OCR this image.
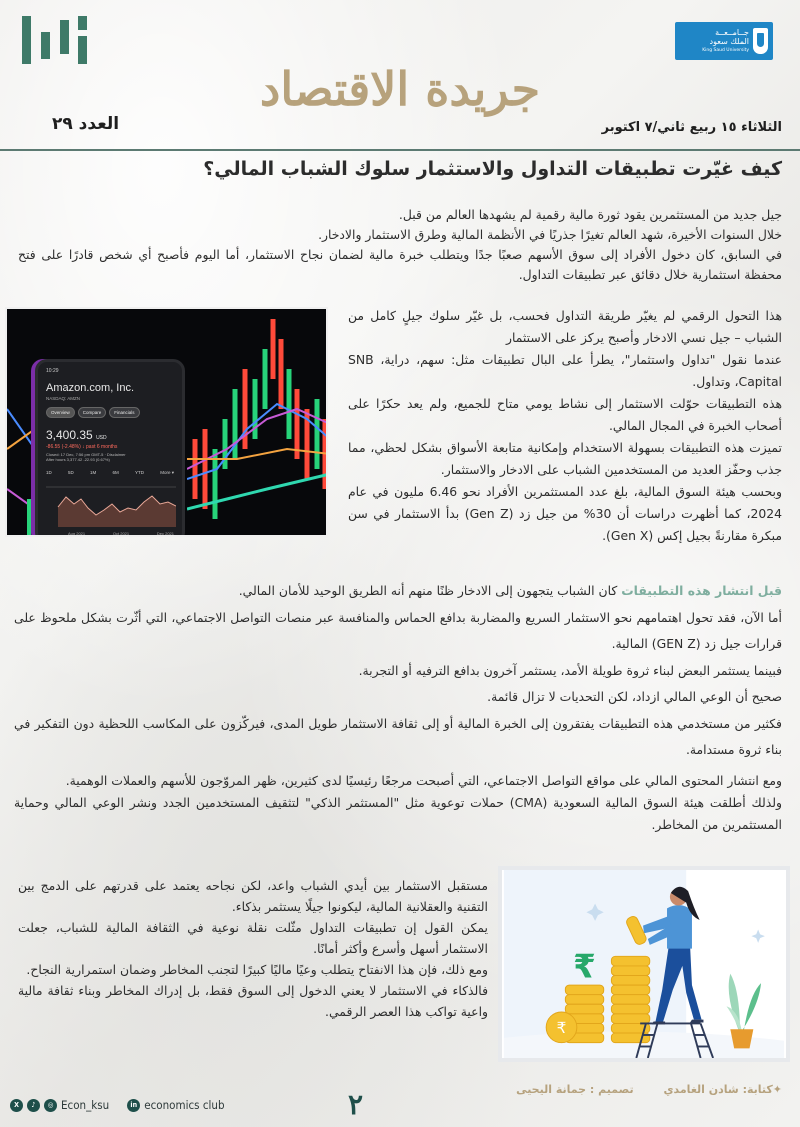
جــامــعــة
الملك سعود
King Saud University
جريدة الاقتصاد
الثلاثاء ١٥ ربيع ثاني/٧ اكتوبر
العدد ٢٩
كيف غيّرت تطبيقات التداول والاستثمار سلوك الشباب المالي؟

جيل جديد من المستثمرين يقود ثورة مالية رقمية لم يشهدها العالم من قبل.

خلال السنوات الأخيرة، شهد العالم تغيرًا جذريًا في الأنظمة المالية وطرق الاستثمار والادخار.

في السابق، كان دخول الأفراد إلى سوق الأسهم صعبًا جدًا ويتطلب خبرة مالية لضمان نجاح الاستثمار، أما اليوم فأصبح أي شخص قادرًا على فتح محفظة استثمارية خلال دقائق عبر تطبيقات التداول.

10:29
Amazon.com, Inc.
NASDAQ: AMZN
Overview	Compare	Financials
3,400.35 USD
-86.55 (-2.48%) ↓ past 6 months
Closed: 17 Dec, 7:56 pm GMT-5 · Disclaimer
After hours 3,377.42 -22.93 (0.67%)
1D	5D	1M	6M	YTD	More ▾
Aug 2021	Oct 2021	Dec 2021

هذا التحول الرقمي لم يغيّر طريقة التداول فحسب، بل غيّر سلوك جيلٍ كامل من الشباب – جيل نسي الادخار وأصبح يركز على الاستثمار

عندما نقول "تداول واستثمار"، يطرأ على البال تطبيقات مثل: سهم، دراية، SNB Capital، وتداول.

هذه التطبيقات حوّلت الاستثمار إلى نشاط يومي متاح للجميع، ولم يعد حكرًا على أصحاب الخبرة في المجال المالي.

تميزت هذه التطبيقات بسهولة الاستخدام وإمكانية متابعة الأسواق بشكل لحظي، مما جذب وحفّز العديد من المستخدمين الشباب على الادخار والاستثمار.

وبحسب هيئة السوق المالية، بلغ عدد المستثمرين الأفراد نحو 6.46 مليون في عام 2024، كما أظهرت دراسات أن 30% من جيل زد (Gen Z) بدأ الاستثمار في سن مبكرة مقارنةً بجيل إكس (Gen X).

قبل انتشار هذه التطبيقات كان الشباب يتجهون إلى الادخار ظنًا منهم أنه الطريق الوحيد للأمان المالي.

أما الآن، فقد تحول اهتمامهم نحو الاستثمار السريع والمضاربة بدافع الحماس والمنافسة عبر منصات التواصل الاجتماعي، التي أثّرت بشكل ملحوظ على قرارات جيل زد (GEN Z) المالية.

فبينما يستثمر البعض لبناء ثروة طويلة الأمد، يستثمر آخرون بدافع الترفيه أو التجربة.

صحيح أن الوعي المالي ازداد، لكن التحديات لا تزال قائمة.

فكثير من مستخدمي هذه التطبيقات يفتقرون إلى الخبرة المالية أو إلى ثقافة الاستثمار طويل المدى، فيركّزون على المكاسب اللحظية دون التفكير في بناء ثروة مستدامة.

ومع انتشار المحتوى المالي على مواقع التواصل الاجتماعي، التي أصبحت مرجعًا رئيسيًا لدى كثيرين، ظهر المروّجون للأسهم والعملات الوهمية.

ولذلك أطلقت هيئة السوق المالية السعودية (CMA) حملات توعوية مثل "المستثمر الذكي" لتثقيف المستخدمين الجدد ونشر الوعي المالي وحماية المستثمرين من المخاطر.

₹
₹

مستقبل الاستثمار بين أيدي الشباب واعد، لكن نجاحه يعتمد على قدرتهم على الدمج بين التقنية والعقلانية المالية، ليكونوا جيلًا يستثمر بذكاء.

يمكن القول إن تطبيقات التداول مثّلت نقلة نوعية في الثقافة المالية للشباب، جعلت الاستثمار أسهل وأسرع وأكثر أمانًا.

ومع ذلك، فإن هذا الانفتاح يتطلب وعيًا ماليًا كبيرًا لتجنب المخاطر وضمان استمرارية النجاح.

فالذكاء في الاستثمار لا يعني الدخول إلى السوق فقط، بل إدراك المخاطر وبناء ثقافة مالية واعية تواكب هذا العصر الرقمي.

✦كتابة: شادن الغامدي تصميم : جمانة اليحيى
٢
X	♪	◎ Econ_ksu	in economics club
